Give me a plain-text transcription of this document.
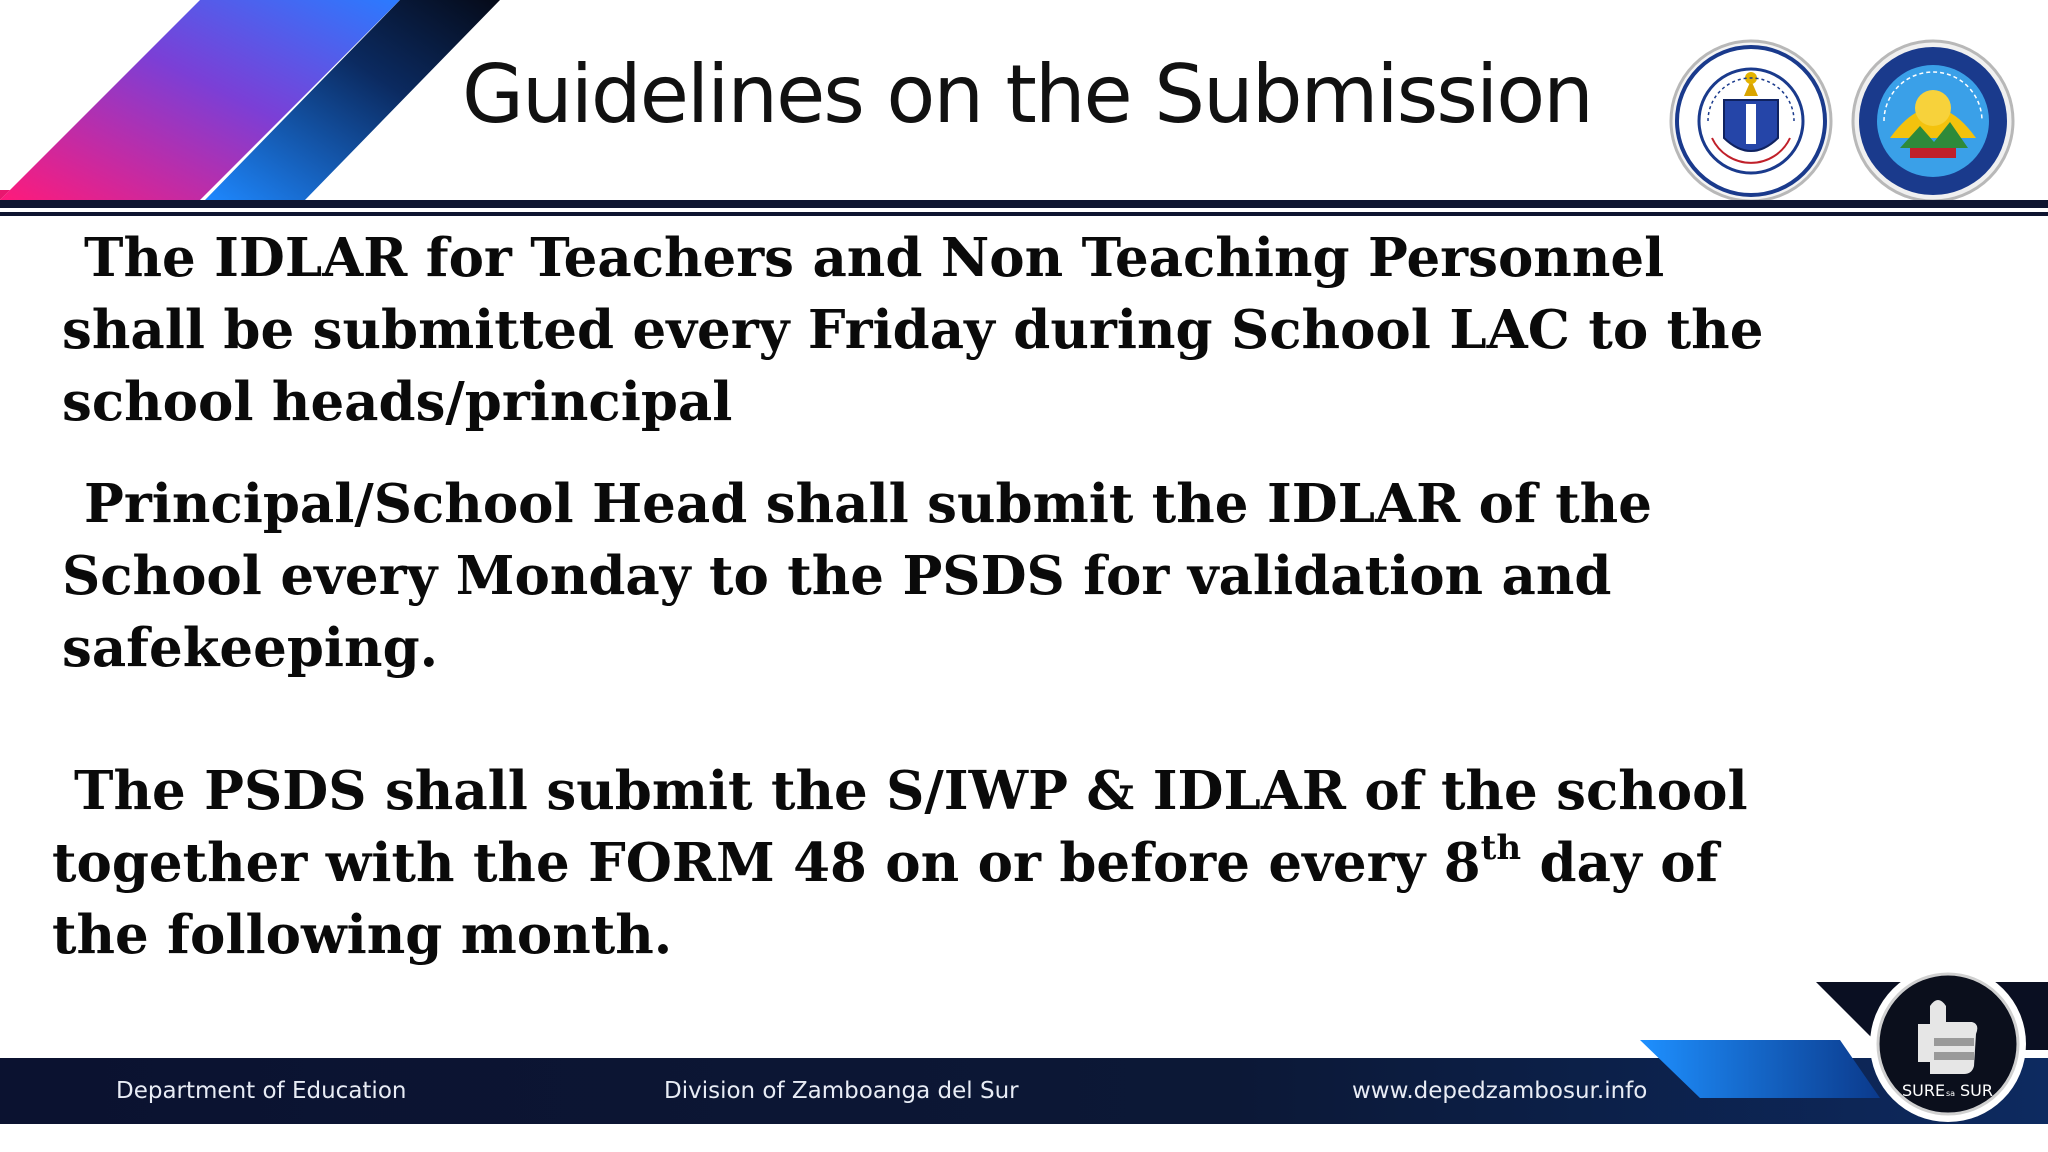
Guidelines on the Submission
The IDLAR for Teachers and Non Teaching Personnel
shall be submitted every Friday during School LAC to the
school heads/principal
Principal/School Head shall submit the IDLAR of the
School every Monday to the PSDS for validation and
safekeeping.
The PSDS shall submit the S/IWP & IDLAR of the school
together with the FORM 48 on or before every 8th day of
the following month.
Department of Education	Division of Zamboanga del Sur	www.depedzambosur.info	SURE sa SUR
